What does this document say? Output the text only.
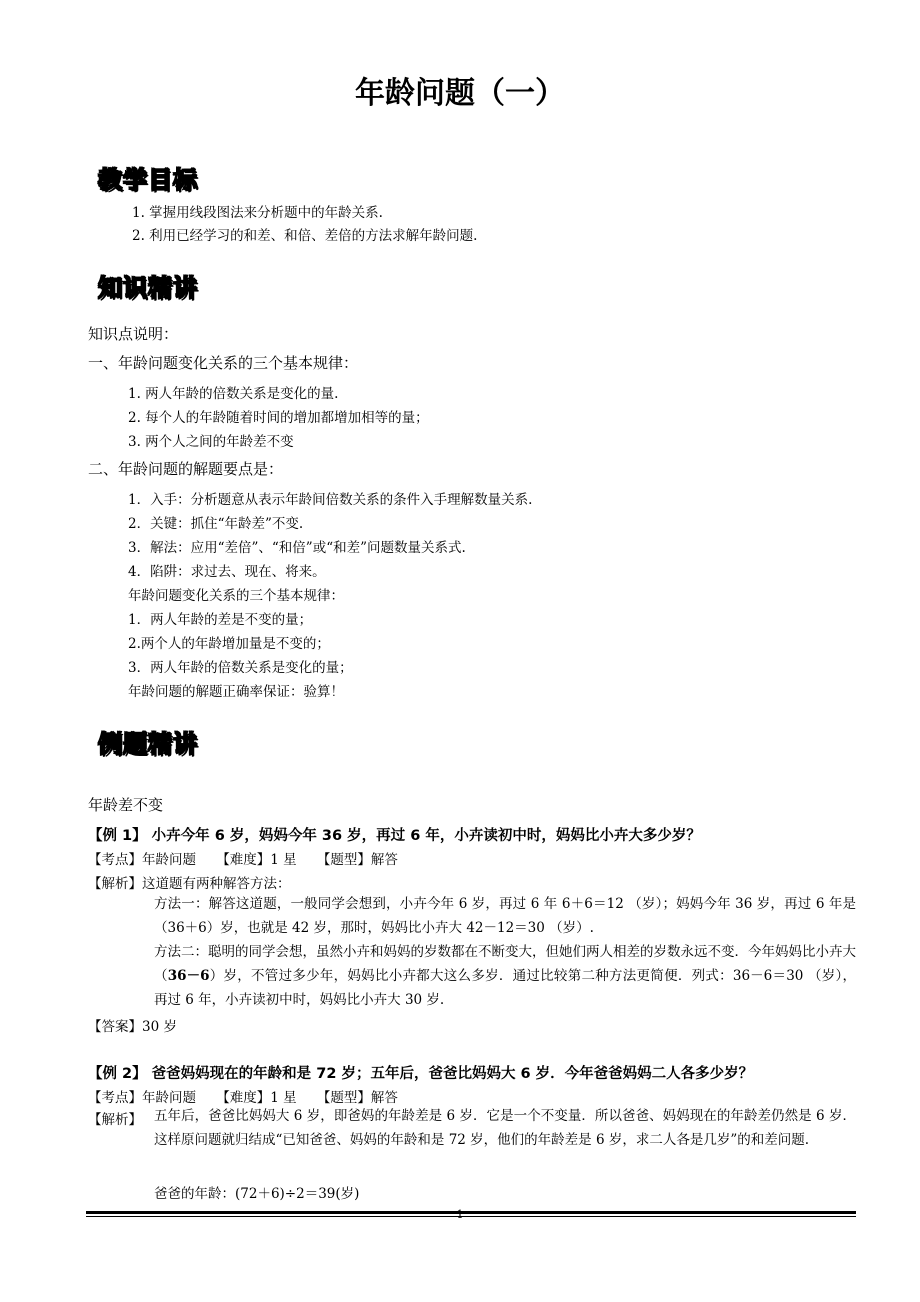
年龄问题（一）
教学目标
1. 掌握用线段图法来分析题中的年龄关系.
2. 利用已经学习的和差、和倍、差倍的方法求解年龄问题.
知识精讲
知识点说明：
一、年龄问题变化关系的三个基本规律：
1. 两人年龄的倍数关系是变化的量.
2. 每个人的年龄随着时间的增加都增加相等的量；
3. 两个人之间的年龄差不变
二、年龄问题的解题要点是：
1．入手：分析题意从表示年龄间倍数关系的条件入手理解数量关系.
2．关键：抓住“年龄差”不变.
3．解法：应用“差倍”、“和倍”或“和差”问题数量关系式.
4．陷阱：求过去、现在、将来。
年龄问题变化关系的三个基本规律：
1．两人年龄的差是不变的量；
2.两个人的年龄增加量是不变的；
3．两人年龄的倍数关系是变化的量；
年龄问题的解题正确率保证：验算！
例题精讲
年龄差不变
【例 1】 小卉今年 6 岁，妈妈今年 36 岁，再过 6 年，小卉读初中时，妈妈比小卉大多少岁？
【考点】年龄问题　　【难度】1 星　　【题型】解答
【解析】这道题有两种解答方法：
方法一：解答这道题，一般同学会想到，小卉今年 6 岁，再过 6 年 6＋6＝12 （岁）；妈妈今年 36 岁，再过 6 年是（36＋6）岁，也就是 42 岁，那时，妈妈比小卉大 42－12＝30 （岁）.
方法二：聪明的同学会想，虽然小卉和妈妈的岁数都在不断变大，但她们两人相差的岁数永远不变．今年妈妈比小卉大（36－6）岁，不管过多少年，妈妈比小卉都大这么多岁．通过比较第二种方法更简便．列式：36－6＝30 （岁），再过 6 年，小卉读初中时，妈妈比小卉大 30 岁.
【答案】30 岁
【例 2】 爸爸妈妈现在的年龄和是 72 岁；五年后，爸爸比妈妈大 6 岁．今年爸爸妈妈二人各多少岁？
【考点】年龄问题　　【难度】1 星　　【题型】解答
【解析】 五年后，爸爸比妈妈大 6 岁，即爸妈的年龄差是 6 岁．它是一个不变量．所以爸爸、妈妈现在的年龄差仍然是 6 岁．这样原问题就归结成“已知爸爸、妈妈的年龄和是 72 岁，他们的年龄差是 6 岁，求二人各是几岁”的和差问题.
爸爸的年龄：(72＋6)÷2＝39(岁)
1
